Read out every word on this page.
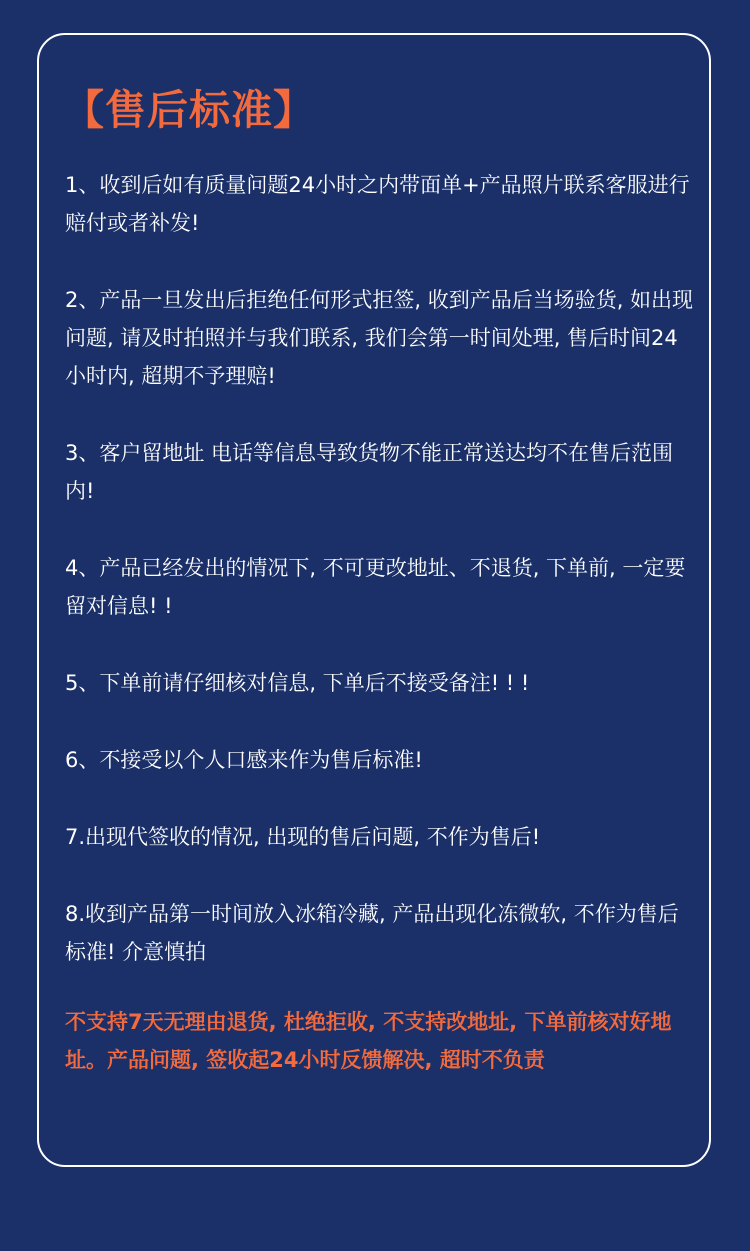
【售后标准】
1、收到后如有质量问题24小时之内带面单+产品照片联系客服进行赔付或者补发!
2、产品一旦发出后拒绝任何形式拒签, 收到产品后当场验货, 如出现问题, 请及时拍照并与我们联系, 我们会第一时间处理, 售后时间24小时内, 超期不予理赔!
3、客户留地址 电话等信息导致货物不能正常送达均不在售后范围内!
4、产品已经发出的情况下, 不可更改地址、不退货, 下单前, 一定要留对信息! !
5、下单前请仔细核对信息, 下单后不接受备注! ! !
6、不接受以个人口感来作为售后标准!
7.出现代签收的情况, 出现的售后问题, 不作为售后!
8.收到产品第一时间放入冰箱冷藏, 产品出现化冻微软, 不作为售后标准! 介意慎拍

不支持7天无理由退货, 杜绝拒收, 不支持改地址, 下单前核对好地址。产品问题, 签收起24小时反馈解决, 超时不负责
